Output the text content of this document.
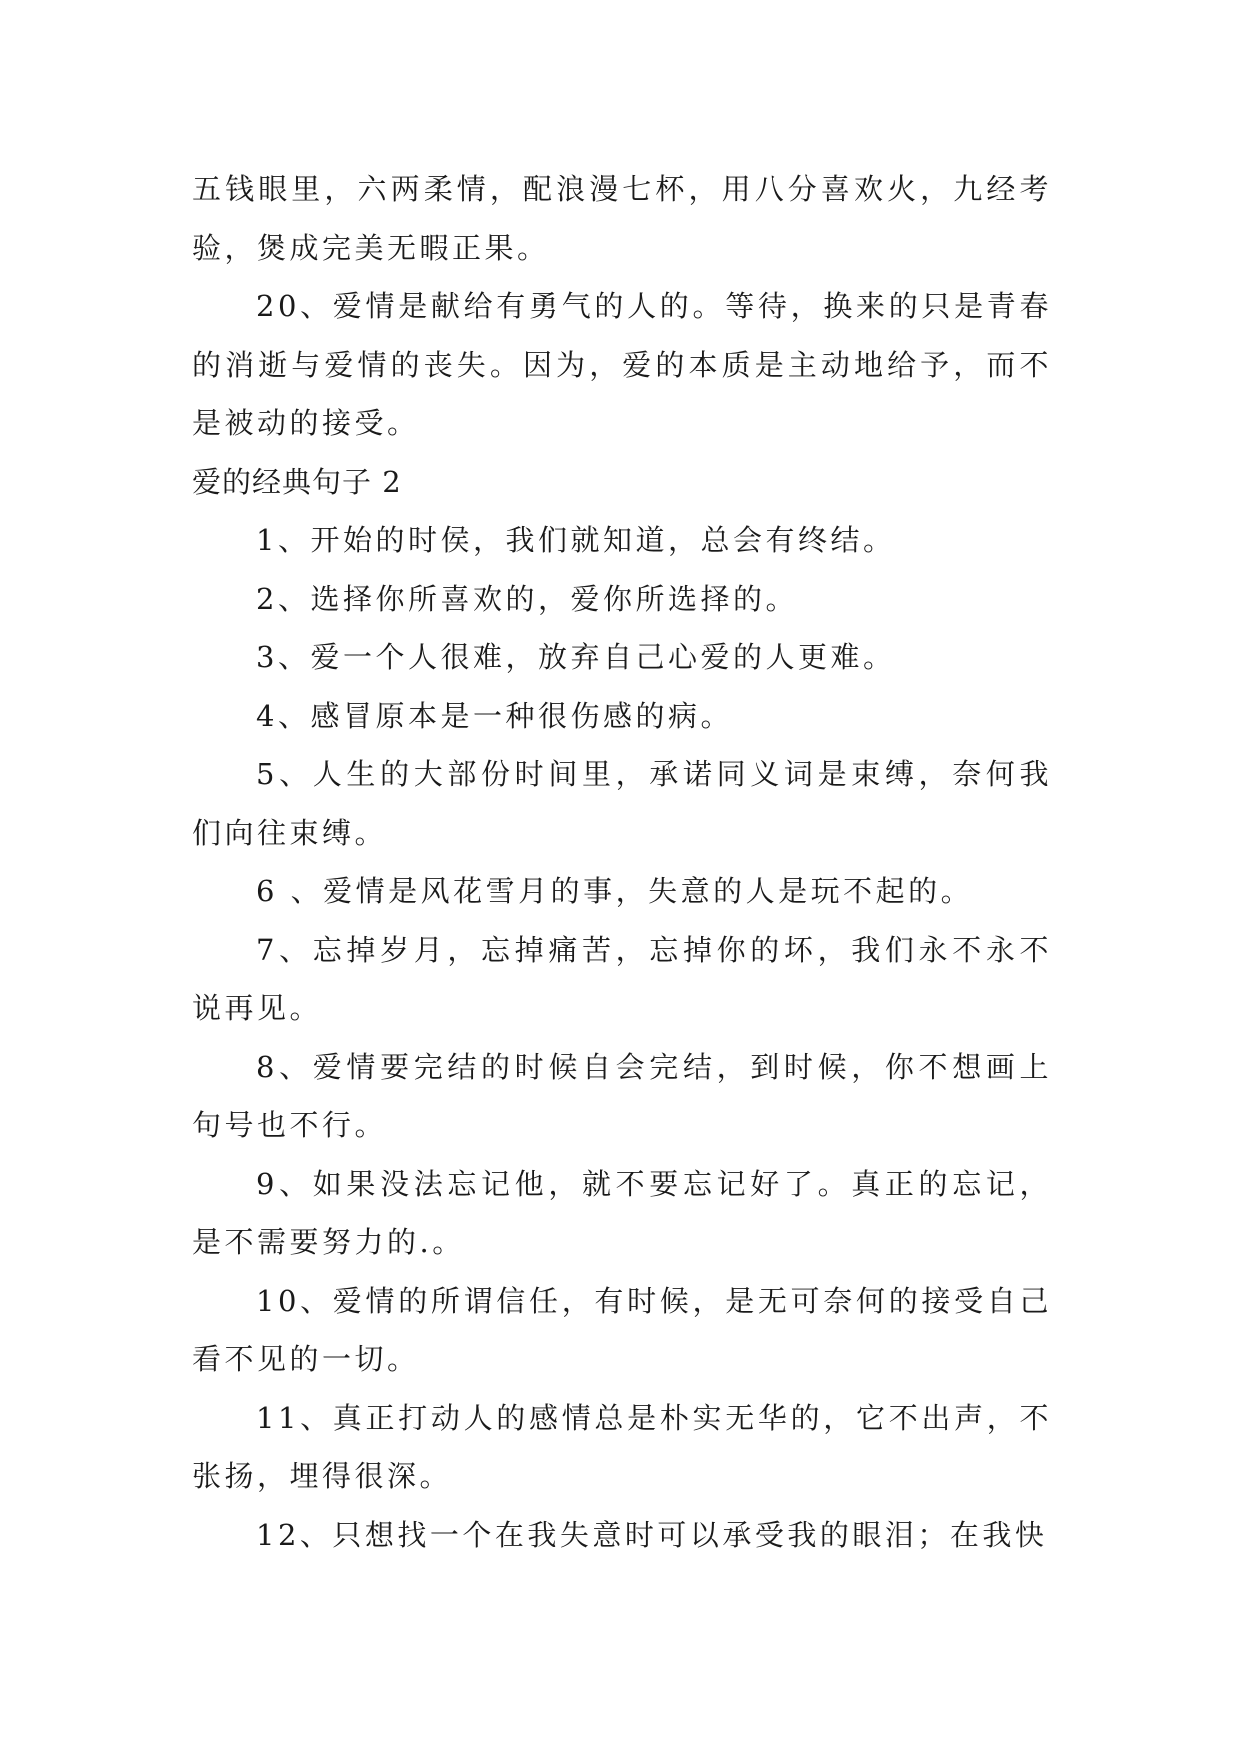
五钱眼里，六两柔情，配浪漫七杯，用八分喜欢火，九经考验，煲成完美无暇正果。

20、爱情是献给有勇气的人的。等待，换来的只是青春的消逝与爱情的丧失。因为，爱的本质是主动地给予，而不是被动的接受。

爱的经典句子 2

1、开始的时侯，我们就知道，总会有终结。

2、选择你所喜欢的，爱你所选择的。

3、爱一个人很难，放弃自己心爱的人更难。

4、感冒原本是一种很伤感的病。

5、人生的大部份时间里，承诺同义词是束缚，奈何我们向往束缚。

6 、爱情是风花雪月的事，失意的人是玩不起的。

7、忘掉岁月，忘掉痛苦，忘掉你的坏，我们永不永不说再见。

8、爱情要完结的时候自会完结，到时候，你不想画上句号也不行。

9、如果没法忘记他，就不要忘记好了。真正的忘记，是不需要努力的.。

10、爱情的所谓信任，有时候，是无可奈何的接受自己看不见的一切。

11、真正打动人的感情总是朴实无华的，它不出声，不张扬，埋得很深。

12、只想找一个在我失意时可以承受我的眼泪；在我快
